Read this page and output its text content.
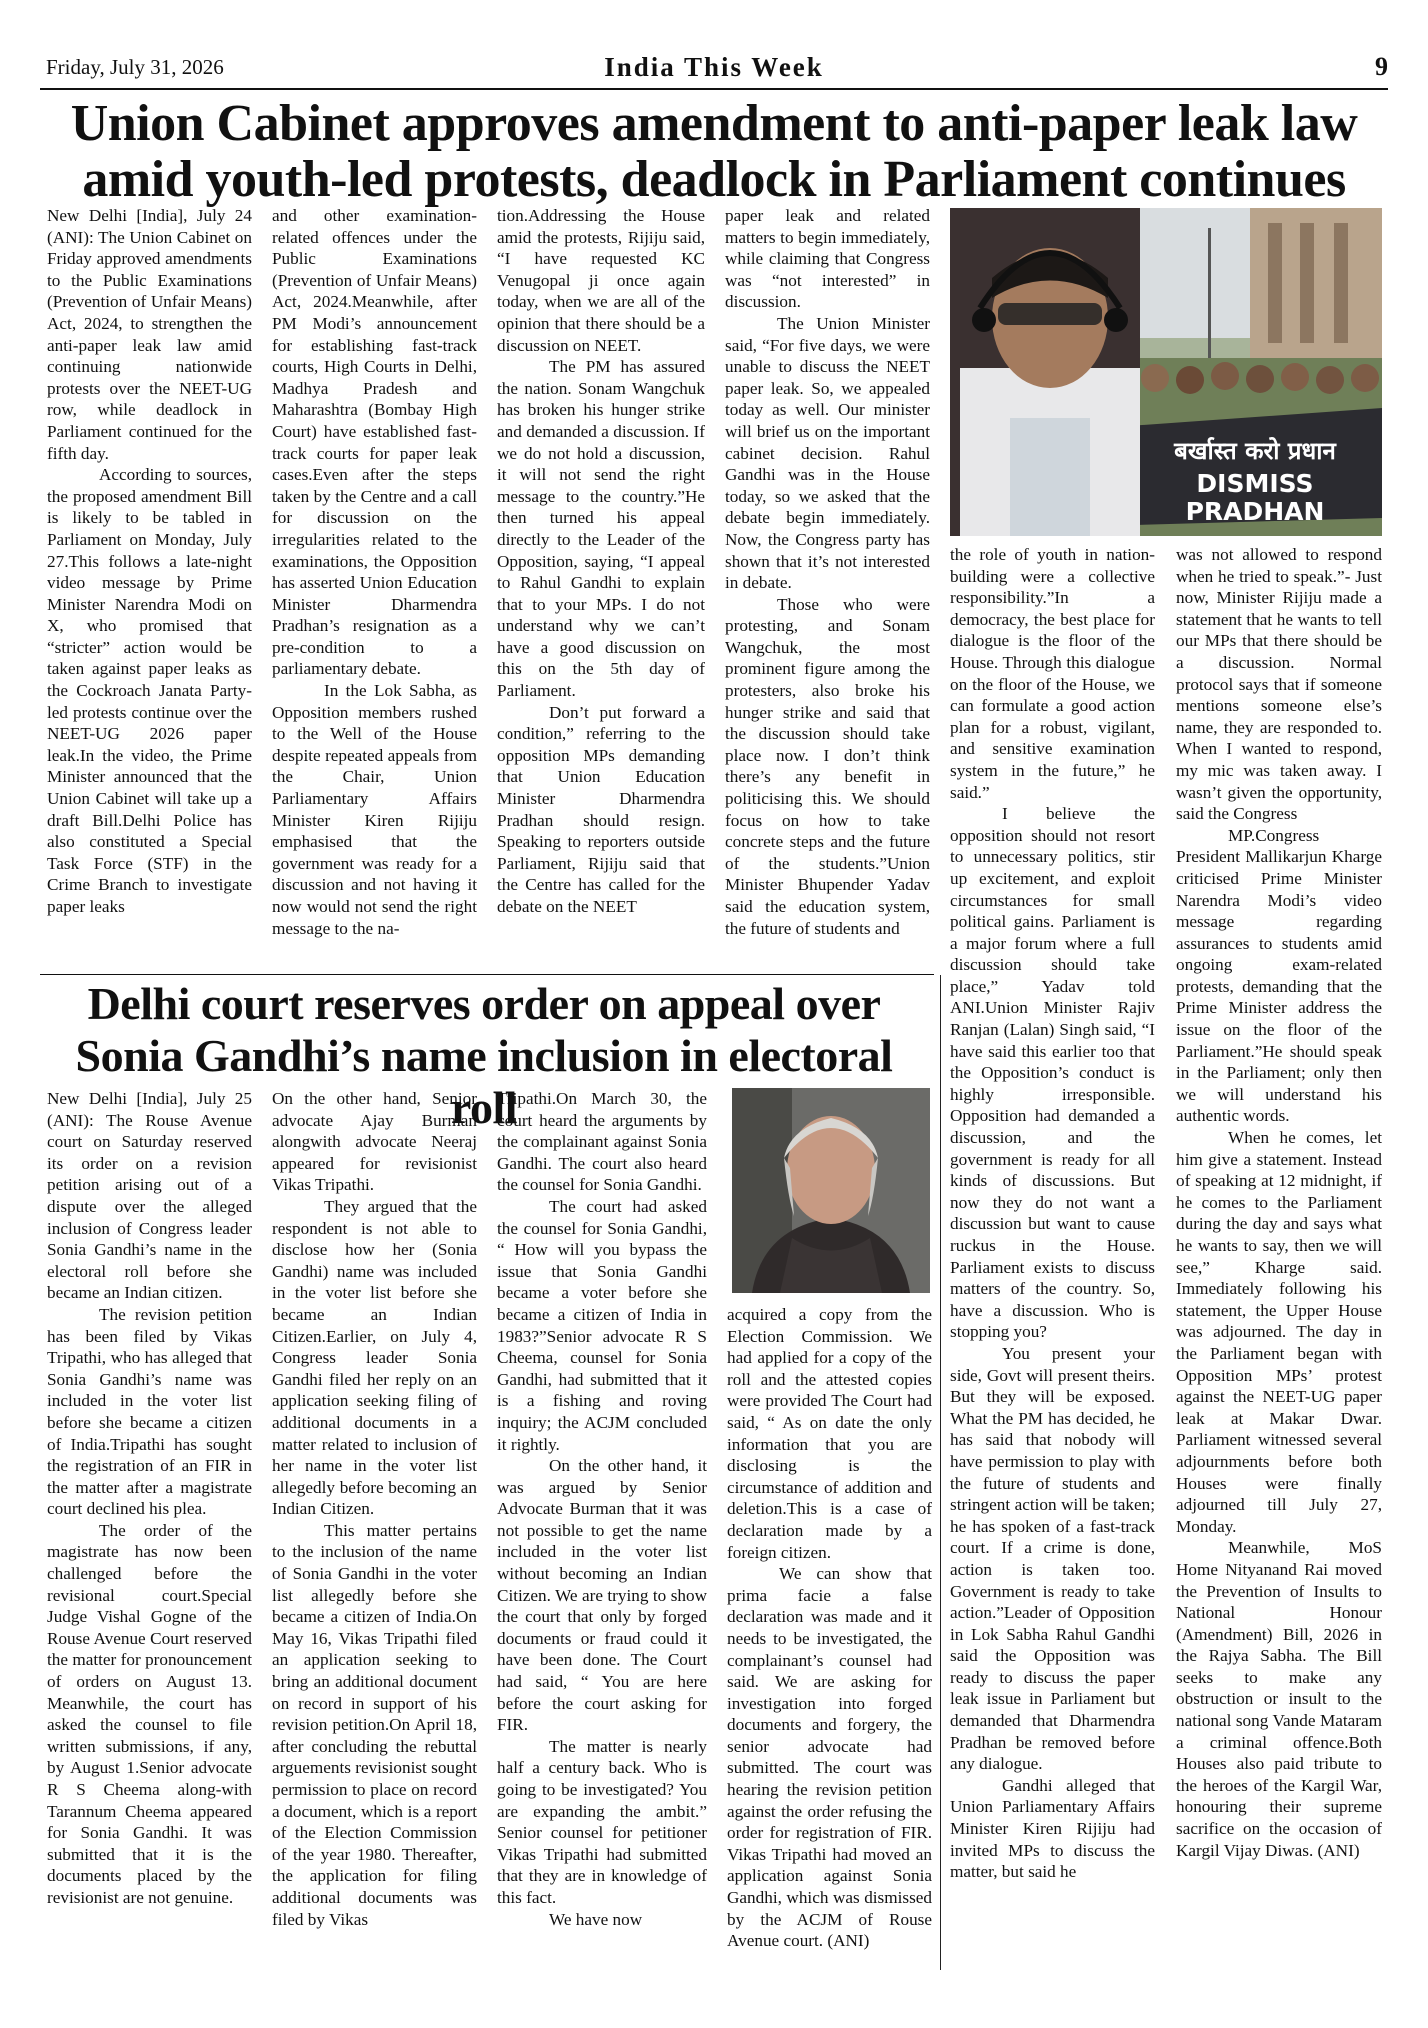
Friday, July 31, 2026	India This Week	9
Union Cabinet approves amendment to anti-paper leak law amid youth-led protests, deadlock in Parliament continues

New Delhi [India], July 24 (ANI): The Union Cabinet on Friday approved amendments to the Public Examinations (Prevention of Unfair Means) Act, 2024, to strengthen the anti-paper leak law amid continuing nationwide protests over the NEET-UG row, while deadlock in Parliament continued for the fifth day.

According to sources, the proposed amendment Bill is likely to be tabled in Parliament on Monday, July 27.This follows a late-night video message by Prime Minister Narendra Modi on X, who promised that “stricter” action would be taken against paper leaks as the Cockroach Janata Party-led protests continue over the NEET-UG 2026 paper leak.In the video, the Prime Minister announced that the Union Cabinet will take up a draft Bill.Delhi Police has also constituted a Special Task Force (STF) in the Crime Branch to investigate paper leaks

and other examination-related offences under the Public Examinations (Prevention of Unfair Means) Act, 2024.Meanwhile, after PM Modi’s announcement for establishing fast-track courts, High Courts in Delhi, Madhya Pradesh and Maharashtra (Bombay High Court) have established fast-track courts for paper leak cases.Even after the steps taken by the Centre and a call for discussion on the irregularities related to the examinations, the Opposition has asserted Union Education Minister Dharmendra Pradhan’s resignation as a pre-condition to a parliamentary debate.

In the Lok Sabha, as Opposition members rushed to the Well of the House despite repeated appeals from the Chair, Union Parliamentary Affairs Minister Kiren Rijiju emphasised that the government was ready for a discussion and not having it now would not send the right message to the na-

tion.Addressing the House amid the protests, Rijiju said, “I have requested KC Venugopal ji once again today, when we are all of the opinion that there should be a discussion on NEET.

The PM has assured the nation. Sonam Wangchuk has broken his hunger strike and demanded a discussion. If we do not hold a discussion, it will not send the right message to the country.”He then turned his appeal directly to the Leader of the Opposition, saying, “I appeal to Rahul Gandhi to explain that to your MPs. I do not understand why we can’t have a good discussion on this on the 5th day of Parliament.

Don’t put forward a condition,” referring to the opposition MPs demanding that Union Education Minister Dharmendra Pradhan should resign. Speaking to reporters outside Parliament, Rijiju said that the Centre has called for the debate on the NEET

paper leak and related matters to begin immediately, while claiming that Congress was “not interested” in discussion.

The Union Minister said, “For five days, we were unable to discuss the NEET paper leak. So, we appealed today as well. Our minister will brief us on the important cabinet decision. Rahul Gandhi was in the House today, so we asked that the debate begin immediately. Now, the Congress party has shown that it’s not interested in debate.

Those who were protesting, and Sonam Wangchuk, the most prominent figure among the protesters, also broke his hunger strike and said that the discussion should take place now. I don’t think there’s any benefit in politicising this. We should focus on how to take concrete steps and the future of the students.”Union Minister Bhupender Yadav said the education system, the future of students and

the role of youth in nation-building were a collective responsibility.”In a democracy, the best place for dialogue is the floor of the House. Through this dialogue on the floor of the House, we can formulate a good action plan for a robust, vigilant, and sensitive examination system in the future,” he said.”

I believe the opposition should not resort to unnecessary politics, stir up excitement, and exploit circumstances for small political gains. Parliament is a major forum where a full discussion should take place,” Yadav told ANI.Union Minister Rajiv Ranjan (Lalan) Singh said, “I have said this earlier too that the Opposition’s conduct is highly irresponsible. Opposition had demanded a discussion, and the government is ready for all kinds of discussions. But now they do not want a discussion but want to cause ruckus in the House. Parliament exists to discuss matters of the country. So, have a discussion. Who is stopping you?

You present your side, Govt will present theirs. But they will be exposed. What the PM has decided, he has said that nobody will have permission to play with the future of students and stringent action will be taken; he has spoken of a fast-track court. If a crime is done, action is taken too. Government is ready to take action.”Leader of Opposition in Lok Sabha Rahul Gandhi said the Opposition was ready to discuss the paper leak issue in Parliament but demanded that Dharmendra Pradhan be removed before any dialogue.

Gandhi alleged that Union Parliamentary Affairs Minister Kiren Rijiju had invited MPs to discuss the matter, but said he

was not allowed to respond when he tried to speak.”- Just now, Minister Rijiju made a statement that he wants to tell our MPs that there should be a discussion. Normal protocol says that if someone mentions someone else’s name, they are responded to. When I wanted to respond, my mic was taken away. I wasn’t given the opportunity, said the Congress

MP.Congress President Mallikarjun Kharge criticised Prime Minister Narendra Modi’s video message regarding assurances to students amid ongoing exam-related protests, demanding that the Prime Minister address the issue on the floor of the Parliament.”He should speak in the Parliament; only then we will understand his authentic words.

When he comes, let him give a statement. Instead of speaking at 12 midnight, if he comes to the Parliament during the day and says what he wants to say, then we will see,” Kharge said. Immediately following his statement, the Upper House was adjourned. The day in the Parliament began with Opposition MPs’ protest against the NEET-UG paper leak at Makar Dwar. Parliament witnessed several adjournments before both Houses were finally adjourned till July 27, Monday.

Meanwhile, MoS Home Nityanand Rai moved the Prevention of Insults to National Honour (Amendment) Bill, 2026 in the Rajya Sabha. The Bill seeks to make any obstruction or insult to the national song Vande Mataram a criminal offence.Both Houses also paid tribute to the heroes of the Kargil War, honouring their supreme sacrifice on the occasion of Kargil Vijay Diwas. (ANI)

बर्खास्त करो प्रधान
DISMISS PRADHAN
Delhi court reserves order on appeal over Sonia Gandhi’s name inclusion in electoral roll

New Delhi [India], July 25 (ANI): The Rouse Avenue court on Saturday reserved its order on a revision petition arising out of a dispute over the alleged inclusion of Congress leader Sonia Gandhi’s name in the electoral roll before she became an Indian citizen.

The revision petition has been filed by Vikas Tripathi, who has alleged that Sonia Gandhi’s name was included in the voter list before she became a citizen of India.Tripathi has sought the registration of an FIR in the matter after a magistrate court declined his plea.

The order of the magistrate has now been challenged before the revisional court.Special Judge Vishal Gogne of the Rouse Avenue Court reserved the matter for pronouncement of orders on August 13. Meanwhile, the court has asked the counsel to file written submissions, if any, by August 1.Senior advocate R S Cheema along-with Tarannum Cheema appeared for Sonia Gandhi. It was submitted that it is the documents placed by the revisionist are not genuine.

On the other hand, Senior advocate Ajay Burman alongwith advocate Neeraj appeared for revisionist Vikas Tripathi.

They argued that the respondent is not able to disclose how her (Sonia Gandhi) name was included in the voter list before she became an Indian Citizen.Earlier, on July 4, Congress leader Sonia Gandhi filed her reply on an application seeking filing of additional documents in a matter related to inclusion of her name in the voter list allegedly before becoming an Indian Citizen.

This matter pertains to the inclusion of the name of Sonia Gandhi in the voter list allegedly before she became a citizen of India.On May 16, Vikas Tripathi filed an application seeking to bring an additional document on record in support of his revision petition.On April 18, after concluding the rebuttal arguements revisionist sought permission to place on record a document, which is a report of the Election Commission of the year 1980. Thereafter, the application for filing additional documents was filed by Vikas

Tripathi.On March 30, the court heard the arguments by the complainant against Sonia Gandhi. The court also heard the counsel for Sonia Gandhi.

The court had asked the counsel for Sonia Gandhi, “ How will you bypass the issue that Sonia Gandhi became a voter before she became a citizen of India in 1983?”Senior advocate R S Cheema, counsel for Sonia Gandhi, had submitted that it is a fishing and roving inquiry; the ACJM concluded it rightly.

On the other hand, it was argued by Senior Advocate Burman that it was not possible to get the name included in the voter list without becoming an Indian Citizen. We are trying to show the court that only by forged documents or fraud could it have been done. The Court had said, “ You are here before the court asking for FIR.

The matter is nearly half a century back. Who is going to be investigated? You are expanding the ambit.” Senior counsel for petitioner Vikas Tripathi had submitted that they are in knowledge of this fact.

We have now

acquired a copy from the Election Commission. We had applied for a copy of the roll and the attested copies were provided The Court had said, “ As on date the only information that you are disclosing is the circumstance of addition and deletion.This is a case of declaration made by a foreign citizen.

We can show that prima facie a false declaration was made and it needs to be investigated, the complainant’s counsel had said. We are asking for investigation into forged documents and forgery, the senior advocate had submitted. The court was hearing the revision petition against the order refusing the order for registration of FIR. Vikas Tripathi had moved an application against Sonia Gandhi, which was dismissed by the ACJM of Rouse Avenue court. (ANI)
